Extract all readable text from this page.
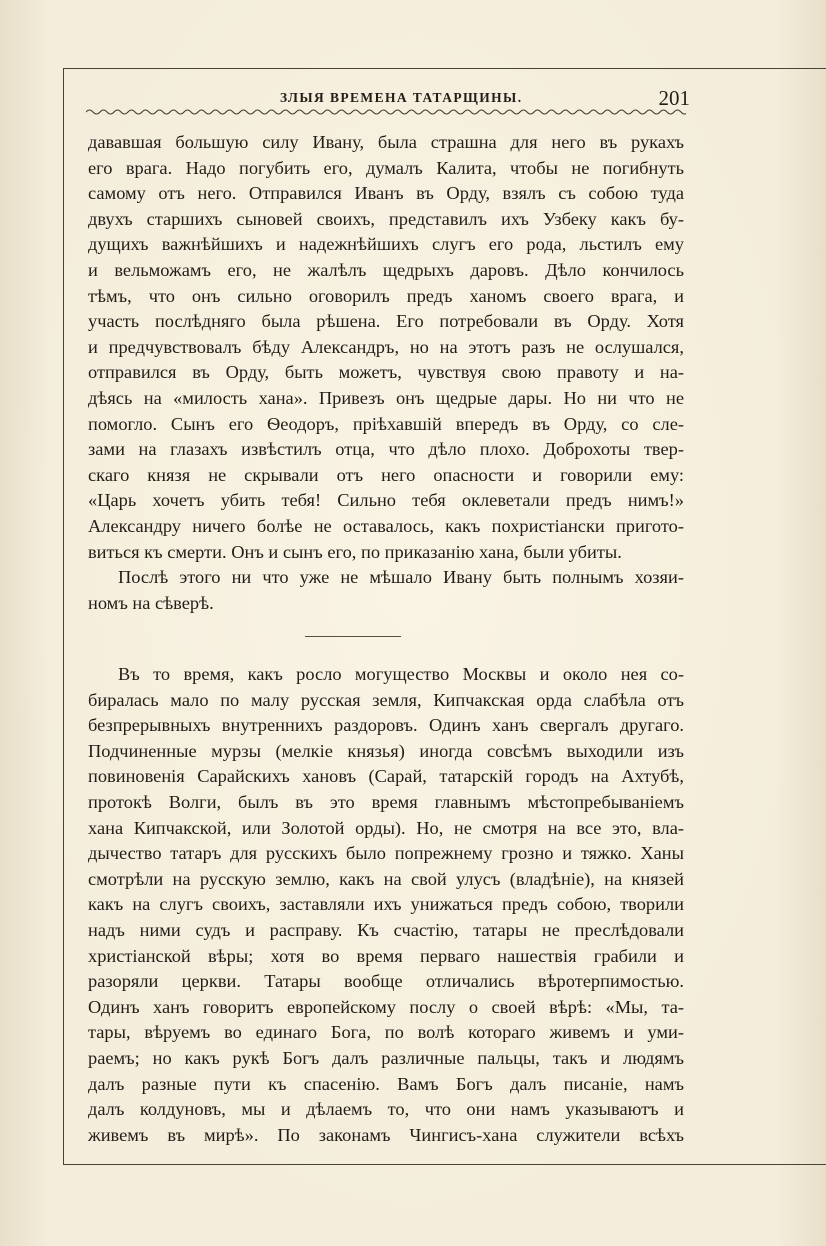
ЗЛЫЯ ВРЕМЕНА ТАТАРЩИНЫ.	201

дававшая большую силу Ивану, была страшна для него въ рукахъ
его врага. Надо погубить его, думалъ Калита, чтобы не погибнуть
самому отъ него. Отправился Иванъ въ Орду, взялъ съ собою туда
двухъ старшихъ сыновей своихъ, представилъ ихъ Узбеку какъ бу-
дущихъ важнѣйшихъ и надежнѣйшихъ слугъ его рода, льстилъ ему
и вельможамъ его, не жалѣлъ щедрыхъ даровъ. Дѣло кончилось
тѣмъ, что онъ сильно оговорилъ предъ ханомъ своего врага, и
участь послѣдняго была рѣшена. Его потребовали въ Орду. Хотя
и предчувствовалъ бѣду Александръ, но на этотъ разъ не ослушался,
отправился въ Орду, быть можетъ, чувствуя свою правоту и на-
дѣясь на «милость хана». Привезъ онъ щедрые дары. Но ни что не
помогло. Сынъ его Ѳеодоръ, пріѣхавшій впередъ въ Орду, со сле-
зами на глазахъ извѣстилъ отца, что дѣло плохо. Доброхоты твер-
скаго князя не скрывали отъ него опасности и говорили ему:
«Царь хочетъ убить тебя! Сильно тебя оклеветали предъ нимъ!»
Александру ничего болѣе не оставалось, какъ похристіански пригото-
виться къ смерти. Онъ и сынъ его, по приказанію хана, были убиты.

Послѣ этого ни что уже не мѣшало Ивану быть полнымъ хозяи-
номъ на сѣверѣ.

Въ то время, какъ росло могущество Москвы и около нея со-
биралась мало по малу русская земля, Кипчакская орда слабѣла отъ
безпрерывныхъ внутреннихъ раздоровъ. Одинъ ханъ свергалъ другаго.
Подчиненные мурзы (мелкіе князья) иногда совсѣмъ выходили изъ
повиновенія Сарайскихъ хановъ (Сарай, татарскій городъ на Ахтубѣ,
протокѣ Волги, былъ въ это время главнымъ мѣстопребываніемъ
хана Кипчакской, или Золотой орды). Но, не смотря на все это, вла-
дычество татаръ для русскихъ было попрежнему грозно и тяжко. Ханы
смотрѣли на русскую землю, какъ на свой улусъ (владѣніе), на князей
какъ на слугъ своихъ, заставляли ихъ унижаться предъ собою, творили
надъ ними судъ и расправу. Къ счастію, татары не преслѣдовали
христіанской вѣры; хотя во время перваго нашествія грабили и
разоряли церкви. Татары вообще отличались вѣротерпимостью.
Одинъ ханъ говоритъ европейскому послу о своей вѣрѣ: «Мы, та-
тары, вѣруемъ во единаго Бога, по волѣ котораго живемъ и уми-
раемъ; но какъ рукѣ Богъ далъ различные пальцы, такъ и людямъ
далъ разные пути къ спасенію. Вамъ Богъ далъ писаніе, намъ
далъ колдуновъ, мы и дѣлаемъ то, что они намъ указываютъ и
живемъ въ мирѣ». По законамъ Чингисъ-хана служители всѣхъ
